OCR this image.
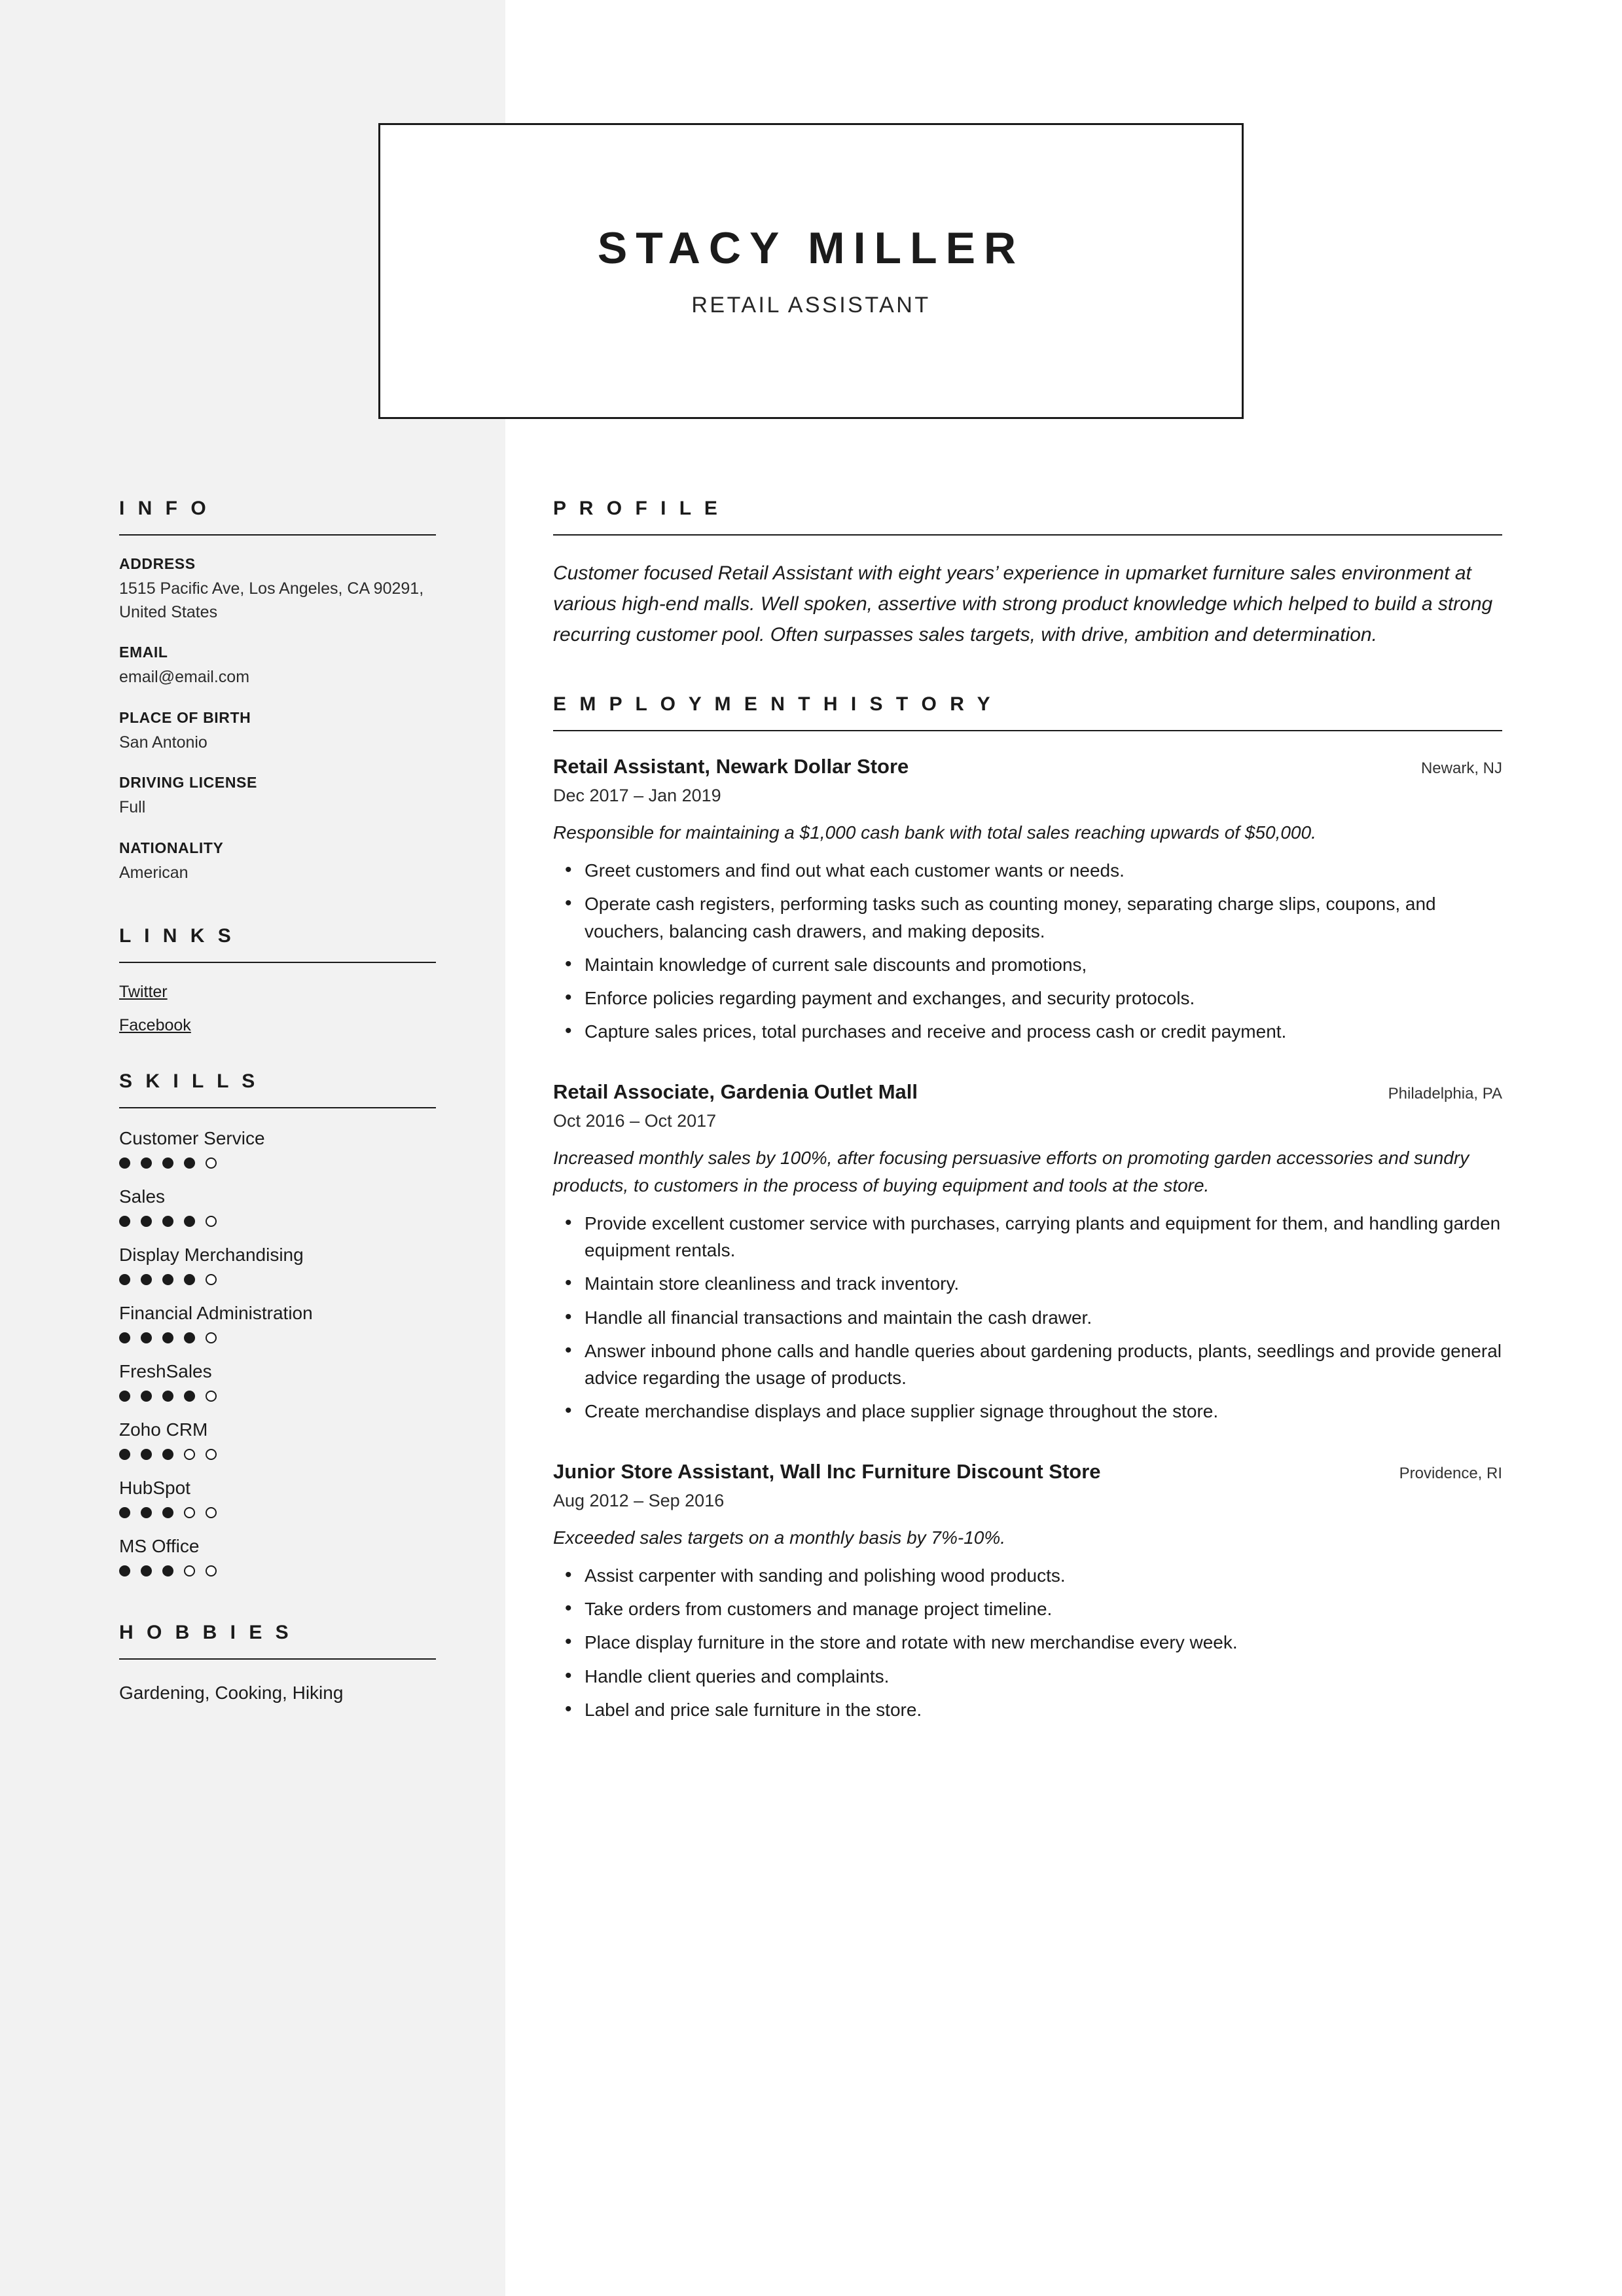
STACY MILLER
RETAIL ASSISTANT
I N F O
ADDRESS
1515 Pacific Ave, Los Angeles, CA 90291, United States
EMAIL
email@email.com
PLACE OF BIRTH
San Antonio
DRIVING LICENSE
Full
NATIONALITY
American
L I N K S
Twitter
Facebook
S K I L L S
Customer Service
Sales
Display Merchandising
Financial Administration
FreshSales
Zoho CRM
HubSpot
MS Office
H O B B I E S
Gardening, Cooking, Hiking
P R O F I L E
Customer focused Retail Assistant with eight years’ experience in upmarket furniture sales environment at various high-end malls. Well spoken, assertive with strong product knowledge which helped to build a strong recurring customer pool. Often surpasses sales targets, with drive, ambition and determination.
E M P L O Y M E N T H I S T O R Y
Retail Assistant, Newark Dollar Store	Newark, NJ
Dec 2017 – Jan 2019
Responsible for maintaining a $1,000 cash bank with total sales reaching upwards of $50,000.
• Greet customers and find out what each customer wants or needs.
• Operate cash registers, performing tasks such as counting money, separating charge slips, coupons, and vouchers, balancing cash drawers, and making deposits.
• Maintain knowledge of current sale discounts and promotions,
• Enforce policies regarding payment and exchanges, and security protocols.
• Capture sales prices, total purchases and receive and process cash or credit payment.
Retail Associate, Gardenia Outlet Mall	Philadelphia, PA
Oct 2016 – Oct 2017
Increased monthly sales by 100%, after focusing persuasive efforts on promoting garden accessories and sundry products, to customers in the process of buying equipment and tools at the store.
• Provide excellent customer service with purchases, carrying plants and equipment for them, and handling garden equipment rentals.
• Maintain store cleanliness and track inventory.
• Handle all financial transactions and maintain the cash drawer.
• Answer inbound phone calls and handle queries about gardening products, plants, seedlings and provide general advice regarding the usage of products.
• Create merchandise displays and place supplier signage throughout the store.
Junior Store Assistant, Wall Inc Furniture Discount Store	Providence, RI
Aug 2012 – Sep 2016
Exceeded sales targets on a monthly basis by 7%-10%.
• Assist carpenter with sanding and polishing wood products.
• Take orders from customers and manage project timeline.
• Place display furniture in the store and rotate with new merchandise every week.
• Handle client queries and complaints.
• Label and price sale furniture in the store.
